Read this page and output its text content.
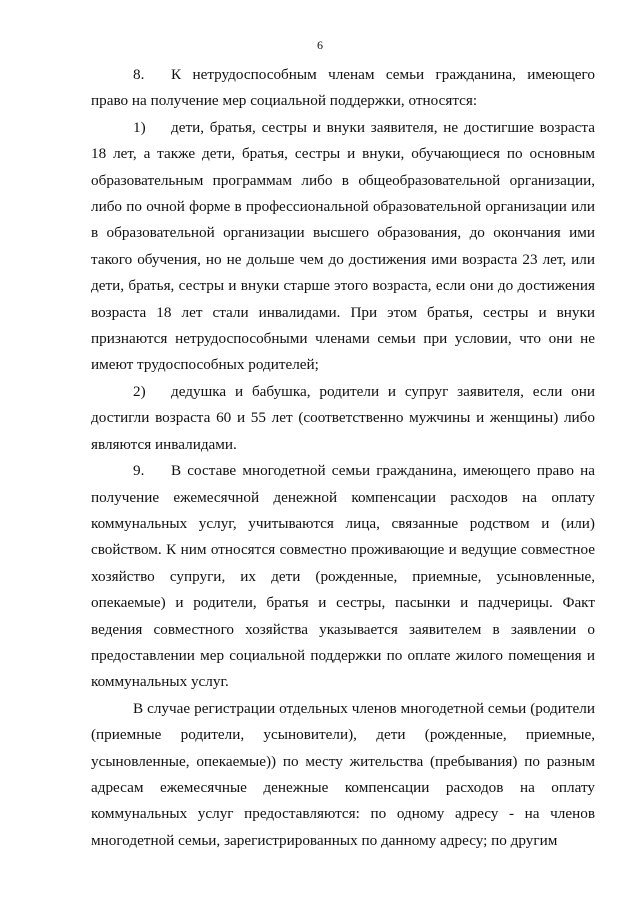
6

8. К нетрудоспособным членам семьи гражданина, имеющего право на получение мер социальной поддержки, относятся:

1) дети, братья, сестры и внуки заявителя, не достигшие возраста 18 лет, а также дети, братья, сестры и внуки, обучающиеся по основным образовательным программам либо в общеобразовательной организации, либо по очной форме в профессиональной образовательной организации или в образовательной организации высшего образования, до окончания ими такого обучения, но не дольше чем до достижения ими возраста 23 лет, или дети, братья, сестры и внуки старше этого возраста, если они до достижения возраста 18 лет стали инвалидами. При этом братья, сестры и внуки признаются нетрудоспособными членами семьи при условии, что они не имеют трудоспособных родителей;

2) дедушка и бабушка, родители и супруг заявителя, если они достигли возраста 60 и 55 лет (соответственно мужчины и женщины) либо являются инвалидами.

9. В составе многодетной семьи гражданина, имеющего право на получение ежемесячной денежной компенсации расходов на оплату коммунальных услуг, учитываются лица, связанные родством и (или) свойством. К ним относятся совместно проживающие и ведущие совместное хозяйство супруги, их дети (рожденные, приемные, усыновленные, опекаемые) и родители, братья и сестры, пасынки и падчерицы. Факт ведения совместного хозяйства указывается заявителем в заявлении о предоставлении мер социальной поддержки по оплате жилого помещения и коммунальных услуг.

В случае регистрации отдельных членов многодетной семьи (родители (приемные родители, усыновители), дети (рожденные, приемные, усыновленные, опекаемые)) по месту жительства (пребывания) по разным адресам ежемесячные денежные компенсации расходов на оплату коммунальных услуг предоставляются: по одному адресу - на членов многодетной семьи, зарегистрированных по данному адресу; по другим
